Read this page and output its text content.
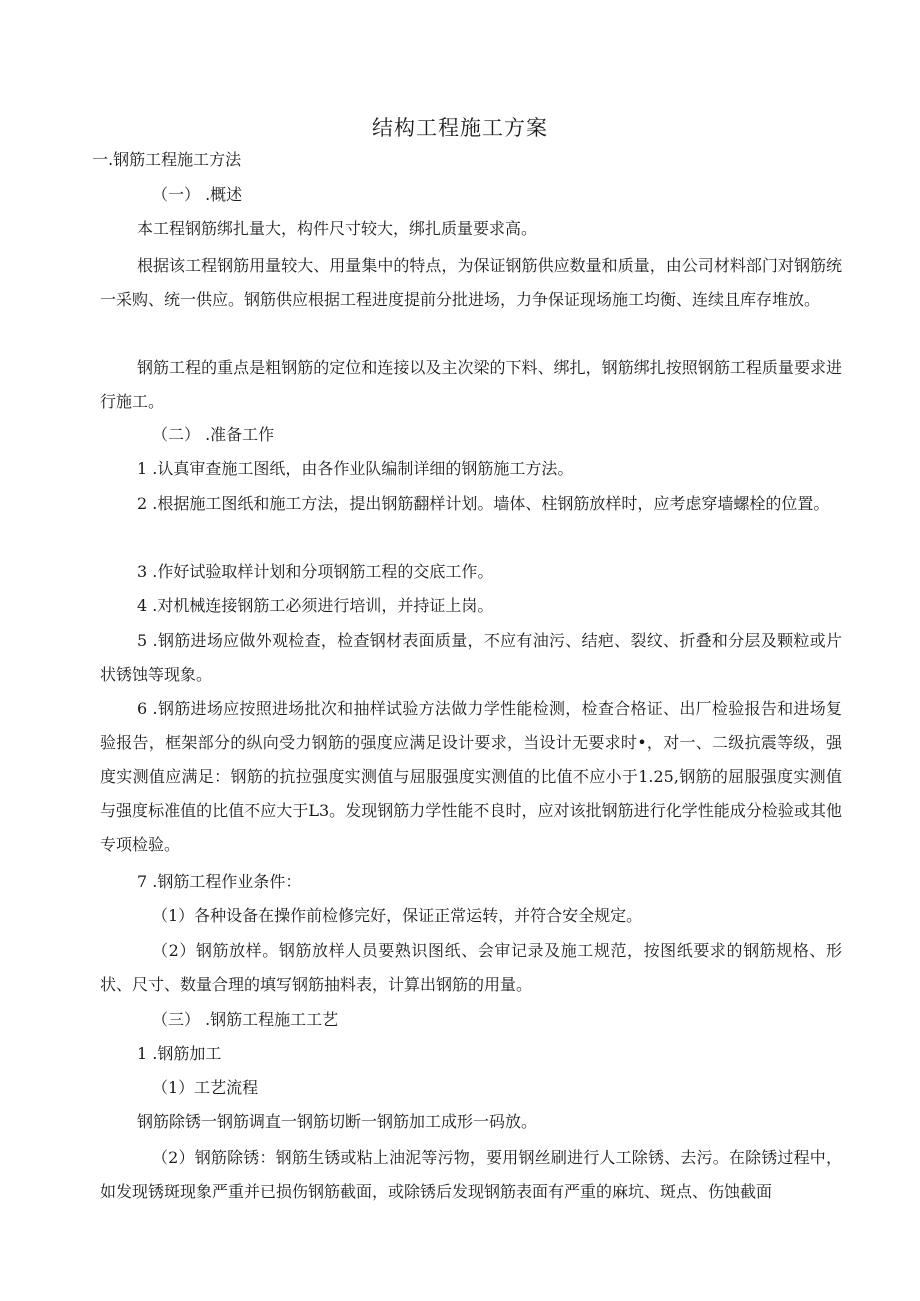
结构工程施工方案
一.钢筋工程施工方法
（一） .概述
本工程钢筋绑扎量大，构件尺寸较大，绑扎质量要求高。
根据该工程钢筋用量较大、用量集中的特点，为保证钢筋供应数量和质量，由公司材料部门对钢筋统一采购、统一供应。钢筋供应根据工程进度提前分批进场，力争保证现场施工均衡、连续且库存堆放。
钢筋工程的重点是粗钢筋的定位和连接以及主次梁的下料、绑扎，钢筋绑扎按照钢筋工程质量要求进行施工。
（二） .准备工作
1 .认真审查施工图纸，由各作业队编制详细的钢筋施工方法。
2 .根据施工图纸和施工方法，提出钢筋翻样计划。墙体、柱钢筋放样时，应考虑穿墙螺栓的位置。
3 .作好试验取样计划和分项钢筋工程的交底工作。
4 .对机械连接钢筋工必须进行培训，并持证上岗。
5 .钢筋进场应做外观检查，检查钢材表面质量，不应有油污、结疤、裂纹、折叠和分层及颗粒或片状锈蚀等现象。
6 .钢筋进场应按照进场批次和抽样试验方法做力学性能检测，检查合格证、出厂检验报告和进场复验报告，框架部分的纵向受力钢筋的强度应满足设计要求，当设计无要求时•，对一、二级抗震等级，强度实测值应满足：钢筋的抗拉强度实测值与屈服强度实测值的比值不应小于1.25,钢筋的屈服强度实测值与强度标准值的比值不应大于L3。发现钢筋力学性能不良时，应对该批钢筋进行化学性能成分检验或其他专项检验。
7 .钢筋工程作业条件：
（1）各种设备在操作前检修完好，保证正常运转，并符合安全规定。
（2）钢筋放样。钢筋放样人员要熟识图纸、会审记录及施工规范，按图纸要求的钢筋规格、形状、尺寸、数量合理的填写钢筋抽料表，计算出钢筋的用量。
（三） .钢筋工程施工工艺
1 .钢筋加工
（1）工艺流程
钢筋除锈一钢筋调直一钢筋切断一钢筋加工成形一码放。
（2）钢筋除锈：钢筋生锈或粘上油泥等污物，要用钢丝刷进行人工除锈、去污。在除锈过程中，如发现锈斑现象严重并已损伤钢筋截面，或除锈后发现钢筋表面有严重的麻坑、斑点、伤蚀截面
